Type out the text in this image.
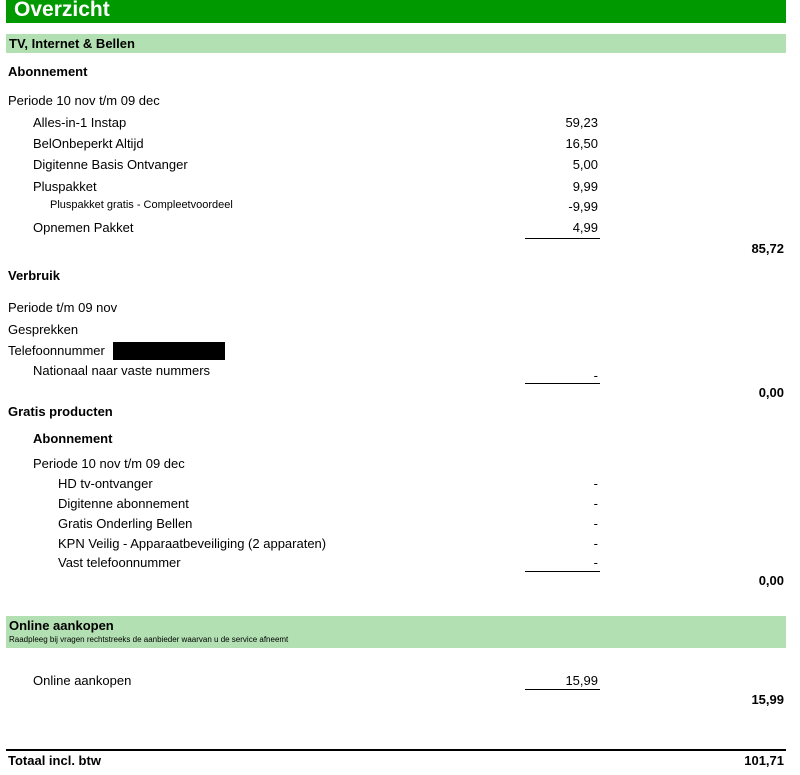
Overzicht
TV, Internet & Bellen
Abonnement
Periode 10 nov t/m 09 dec
Alles-in-1 Instap	59,23
BelOnbeperkt Altijd	16,50
Digitenne Basis Ontvanger	5,00
Pluspakket	9,99
Pluspakket gratis - Compleetvoordeel	-9,99
Opnemen Pakket	4,99
85,72
Verbruik
Periode t/m 09 nov
Gesprekken
Telefoonnummer
Nationaal naar vaste nummers	-
0,00
Gratis producten
Abonnement
Periode 10 nov t/m 09 dec
HD tv-ontvanger	-
Digitenne abonnement	-
Gratis Onderling Bellen	-
KPN Veilig - Apparaatbeveiliging (2 apparaten)	-
Vast telefoonnummer	-
0,00
Online aankopen
Raadpleeg bij vragen rechtstreeks de aanbieder waarvan u de service afneemt
Online aankopen	15,99
15,99
Totaal incl. btw	101,71
